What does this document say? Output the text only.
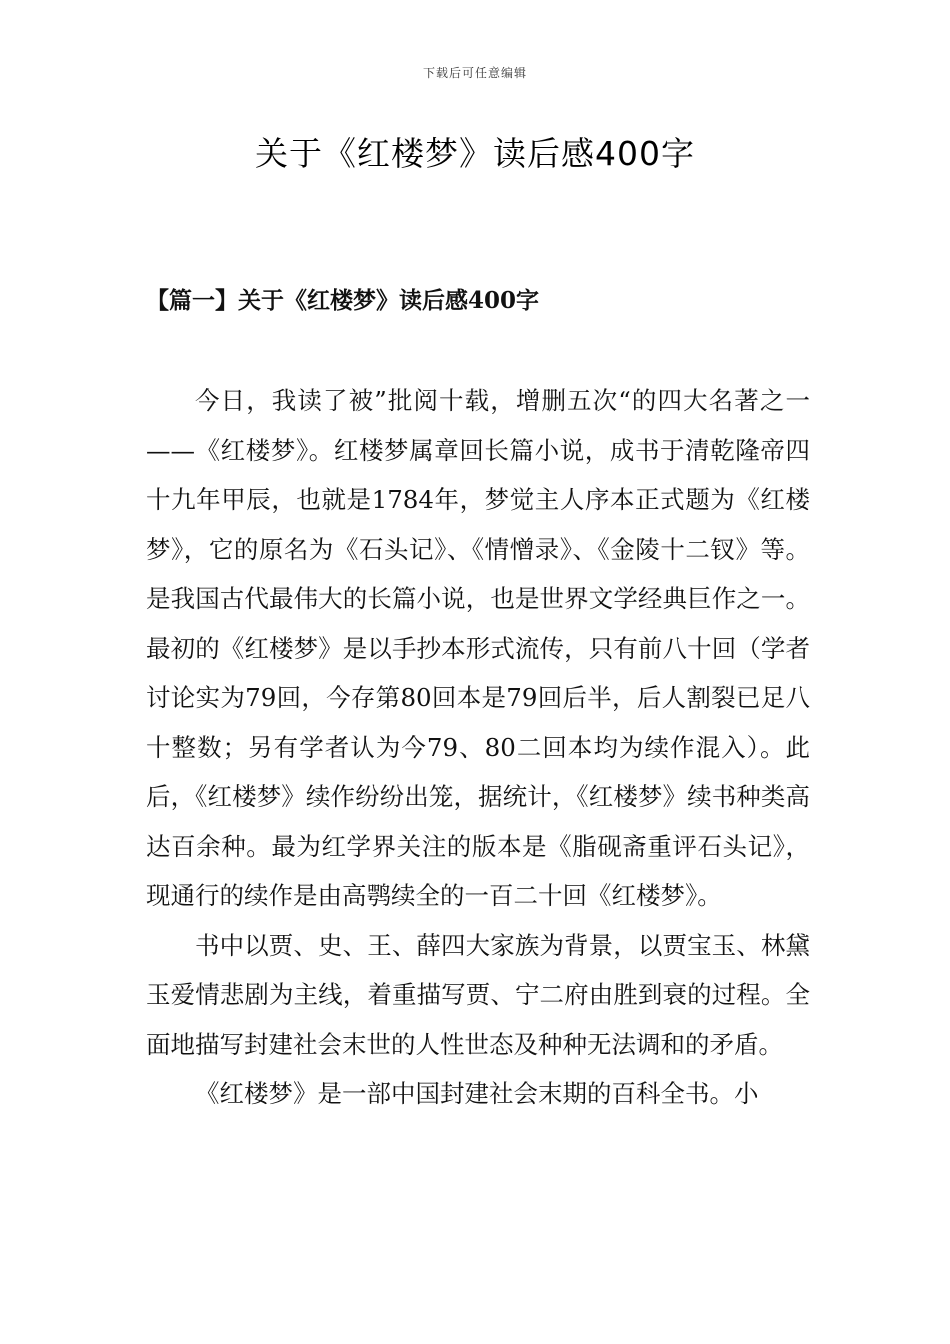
下载后可任意编辑
关于《红楼梦》读后感400字
【篇一】关于《红楼梦》读后感400字

今日，我读了被”批阅十载，增删五次“的四大名著之一——《红楼梦》。红楼梦属章回长篇小说，成书于清乾隆帝四十九年甲辰，也就是1784年，梦觉主人序本正式题为《红楼梦》，它的原名为《石头记》、《情憎录》、《金陵十二钗》等。是我国古代最伟大的长篇小说，也是世界文学经典巨作之一。最初的《红楼梦》是以手抄本形式流传，只有前八十回（学者讨论实为79回，今存第80回本是79回后半，后人割裂已足八十整数；另有学者认为今79、80二回本均为续作混入）。此后，《红楼梦》续作纷纷出笼，据统计，《红楼梦》续书种类高达百余种。最为红学界关注的版本是《脂砚斋重评石头记》，现通行的续作是由高鹗续全的一百二十回《红楼梦》。

书中以贾、史、王、薛四大家族为背景，以贾宝玉、林黛玉爱情悲剧为主线，着重描写贾、宁二府由胜到衰的过程。全面地描写封建社会末世的人性世态及种种无法调和的矛盾。

《红楼梦》是一部中国封建社会末期的百科全书。小
